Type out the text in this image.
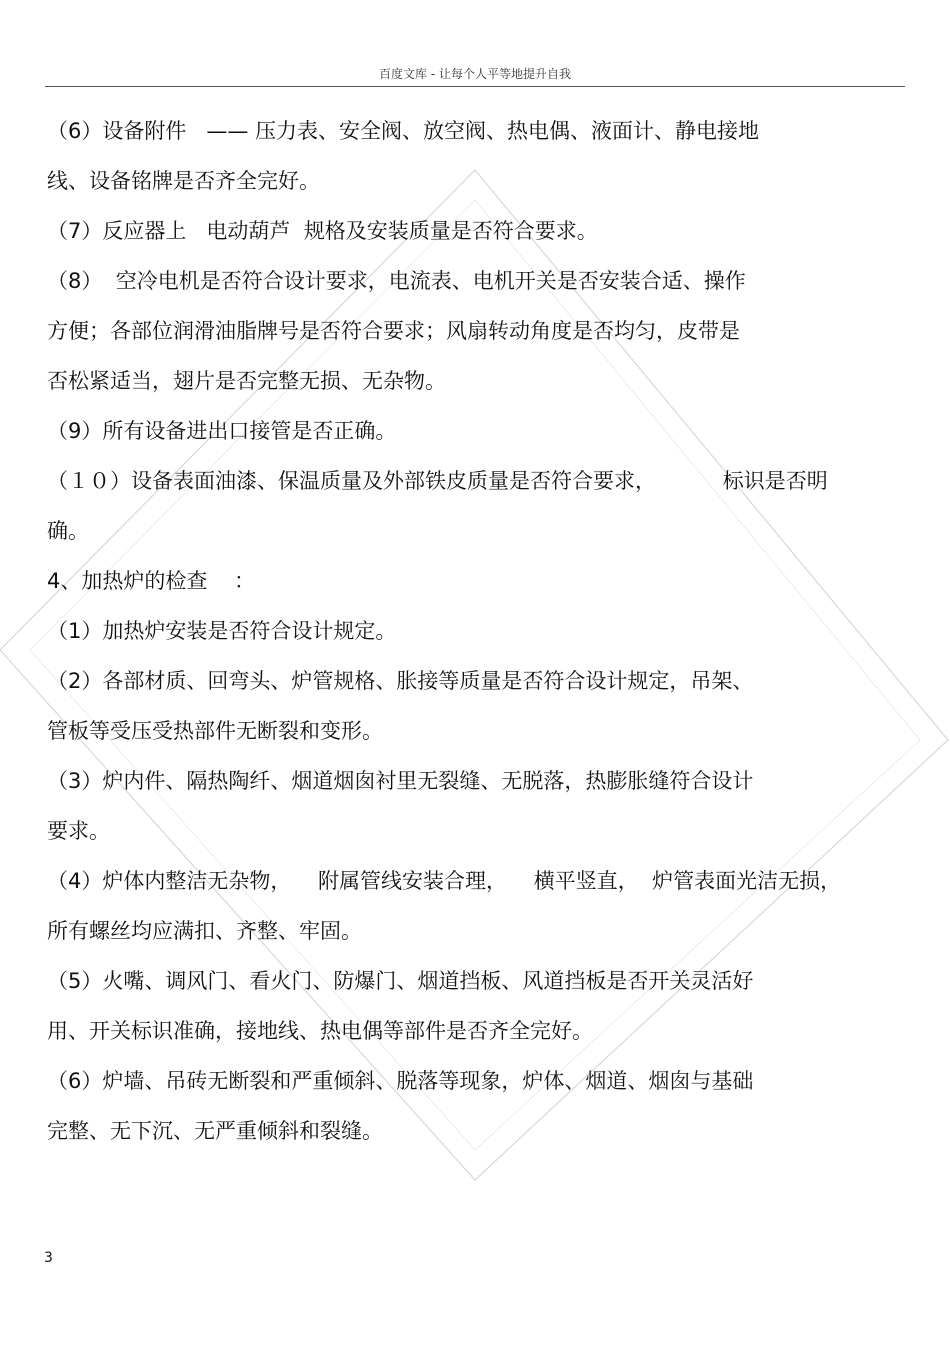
百度文库 - 让每个人平等地提升自我
（6）设备附件   —— 压力表、安全阀、放空阀、热电偶、液面计、静电接地
线、设备铭牌是否齐全完好。
（7）反应器上   电动葫芦  规格及安装质量是否符合要求。
（8）  空冷电机是否符合设计要求，电流表、电机开关是否安装合适、操作
方便；各部位润滑油脂牌号是否符合要求；风扇转动角度是否均匀，皮带是
否松紧适当，翅片是否完整无损、无杂物。
（9）所有设备进出口接管是否正确。
（１０）设备表面油漆、保温质量及外部铁皮质量是否符合要求，          标识是否明
确。
4、加热炉的检查    ：
（1）加热炉安装是否符合设计规定。
（2）各部材质、回弯头、炉管规格、胀接等质量是否符合设计规定，吊架、
管板等受压受热部件无断裂和变形。
（3）炉内件、隔热陶纤、烟道烟囱衬里无裂缝、无脱落，热膨胀缝符合设计
要求。
（4）炉体内整洁无杂物，    附属管线安装合理，    横平竖直，  炉管表面光洁无损，
所有螺丝均应满扣、齐整、牢固。
（5）火嘴、调风门、看火门、防爆门、烟道挡板、风道挡板是否开关灵活好
用、开关标识准确，接地线、热电偶等部件是否齐全完好。
（6）炉墙、吊砖无断裂和严重倾斜、脱落等现象，炉体、烟道、烟囱与基础
完整、无下沉、无严重倾斜和裂缝。
3
